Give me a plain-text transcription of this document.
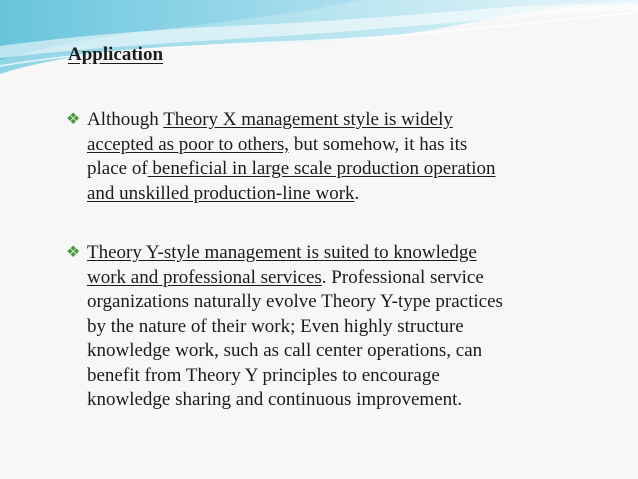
Application
❖ Although Theory X management style is widely
accepted as poor to others, but somehow, it has its
place of beneficial in large scale production operation
and unskilled production-line work.
❖ Theory Y-style management is suited to knowledge
work and professional services. Professional service
organizations naturally evolve Theory Y-type practices
by the nature of their work; Even highly structure
knowledge work, such as call center operations, can
benefit from Theory Y principles to encourage
knowledge sharing and continuous improvement.
